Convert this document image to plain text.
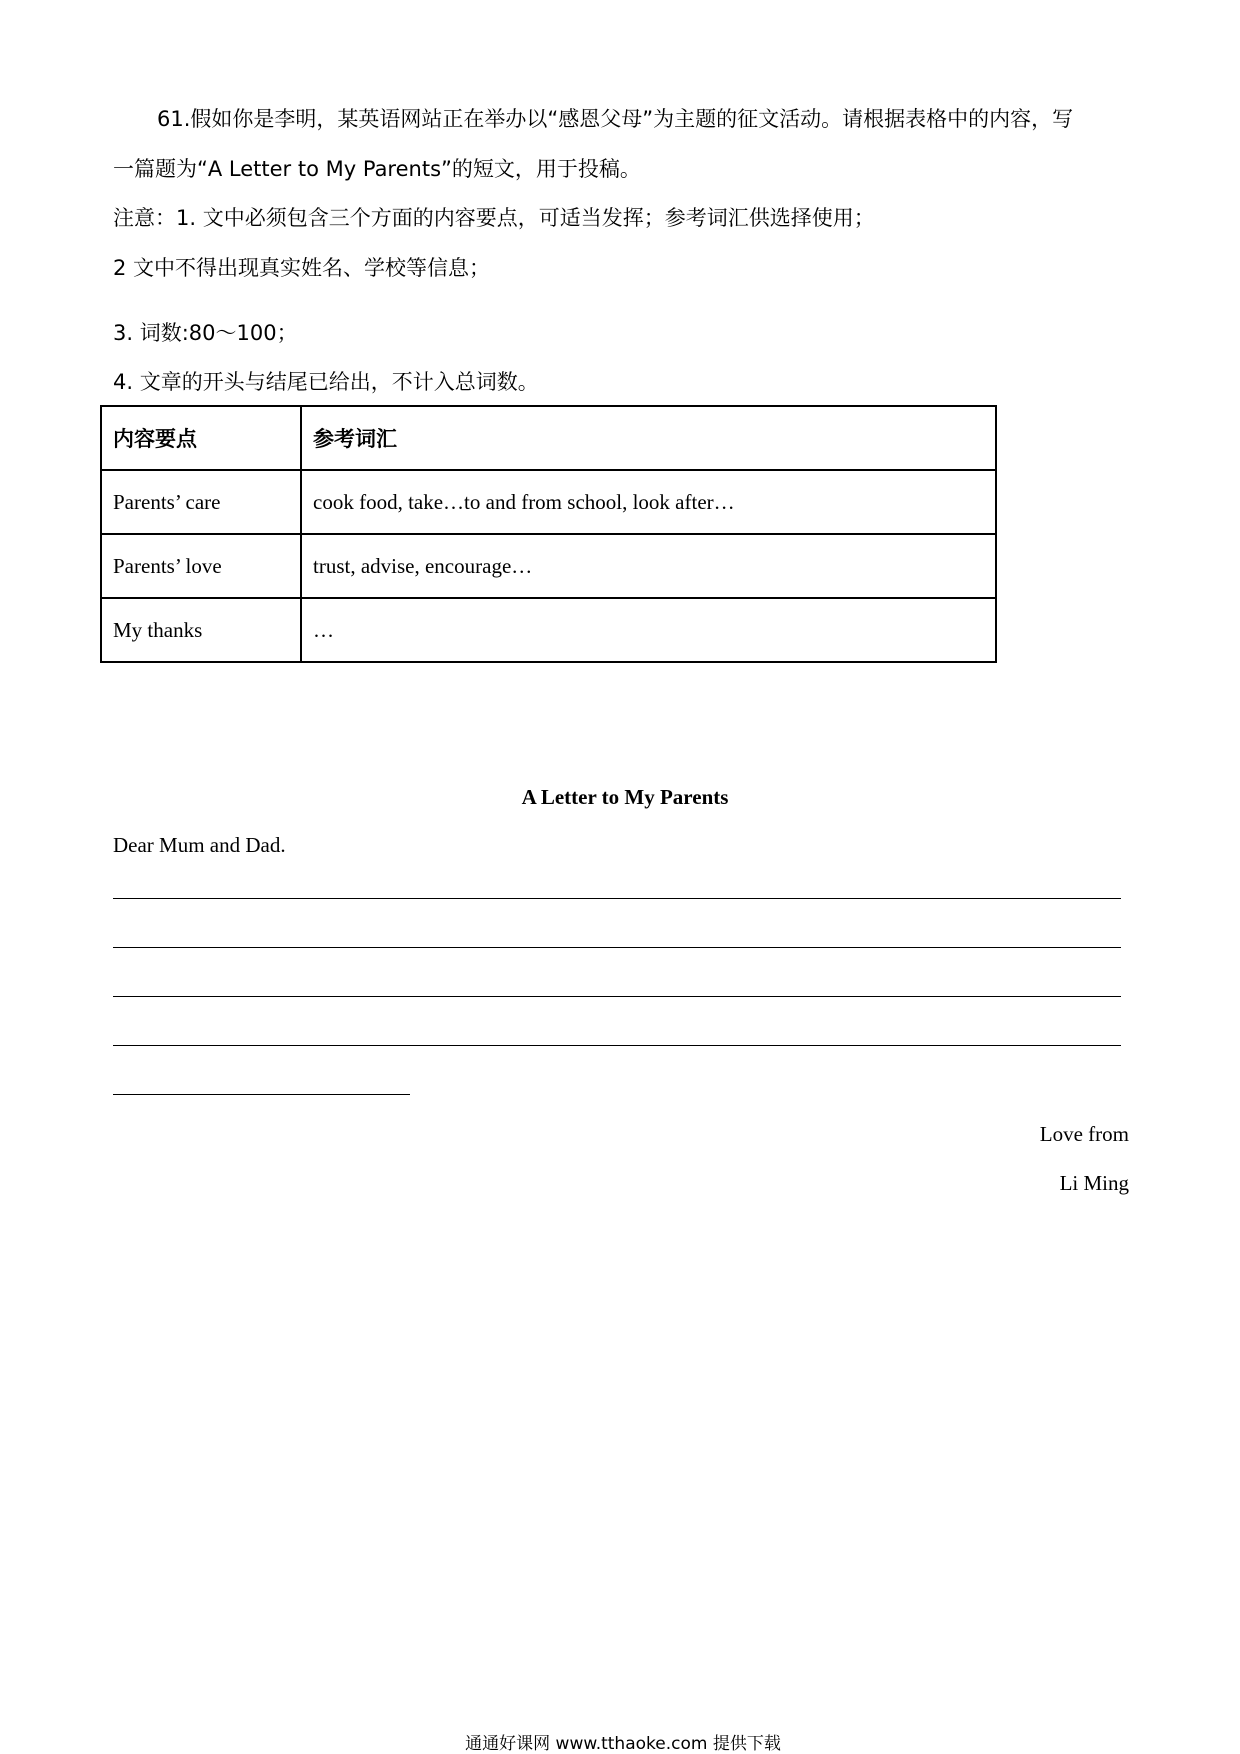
61.假如你是李明，某英语网站正在举办以“感恩父母”为主题的征文活动。请根据表格中的内容，写
一篇题为“A Letter to My Parents”的短文，用于投稿。
注意：1. 文中必须包含三个方面的内容要点，可适当发挥；参考词汇供选择使用；
2 文中不得出现真实姓名、学校等信息；
3. 词数:80～100；
4. 文章的开头与结尾已给出，不计入总词数。
内容要点	参考词汇
Parents’ care	cook food, take…to and from school, look after…
Parents’ love	trust, advise, encourage…
My thanks	…
A Letter to My Parents
Dear Mum and Dad.
Love from
Li Ming
通通好课网 www.tthaoke.com 提供下载
